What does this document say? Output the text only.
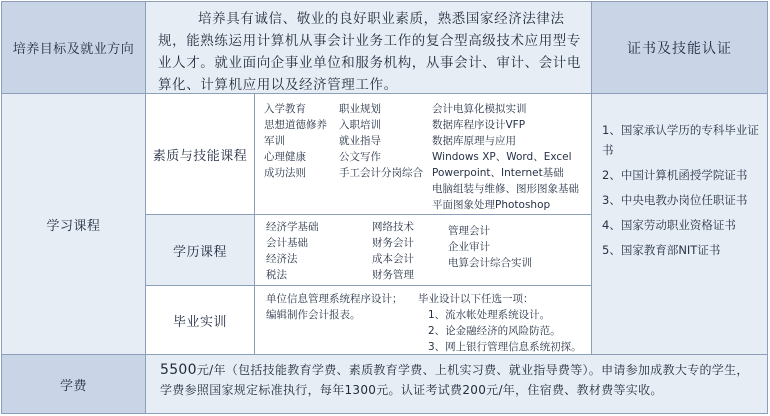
培养目标及就业方向
培养具有诚信、敬业的良好职业素质，熟悉国家经济法律法规，能熟练运用计算机从事会计业务工作的复合型高级技术应用型专业人才。就业面向企事业单位和服务机构，从事会计、审计、会计电算化、计算机应用以及经济管理工作。
证书及技能认证
学习课程
素质与技能课程
入学教育
思想道德修养
军训
心理健康
成功法则
职业规划
入职培训
就业指导
公文写作
手工会计分岗综合
会计电算化模拟实训
数据库程序设计VFP
数据库原理与应用
Windows XP、Word、Excel
Powerpoint、Internet基础
电脑组装与维修、图形图象基础
平面图象处理Photoshop
学历课程
经济学基础
会计基础
经济法
税法
网络技术
财务会计
成本会计
财务管理
管理会计
企业审计
电算会计综合实训
毕业实训
单位信息管理系统程序设计；
编辑制作会计报表。
毕业设计以下任选一项：
1、流水帐处理系统设计。
2、论金融经济的风险防范。
3、网上银行管理信息系统初探。
1、国家承认学历的专科毕业证书
2、中国计算机函授学院证书
3、中央电教办岗位任职证书
4、国家劳动职业资格证书
5、国家教育部NIT证书
学费
5500元/年（包括技能教育学费、素质教育学费、上机实习费、就业指导费等）。申请参加成教大专的学生，学费参照国家规定标准执行，每年1300元。认证考试费200元/年，住宿费、教材费等实收。
